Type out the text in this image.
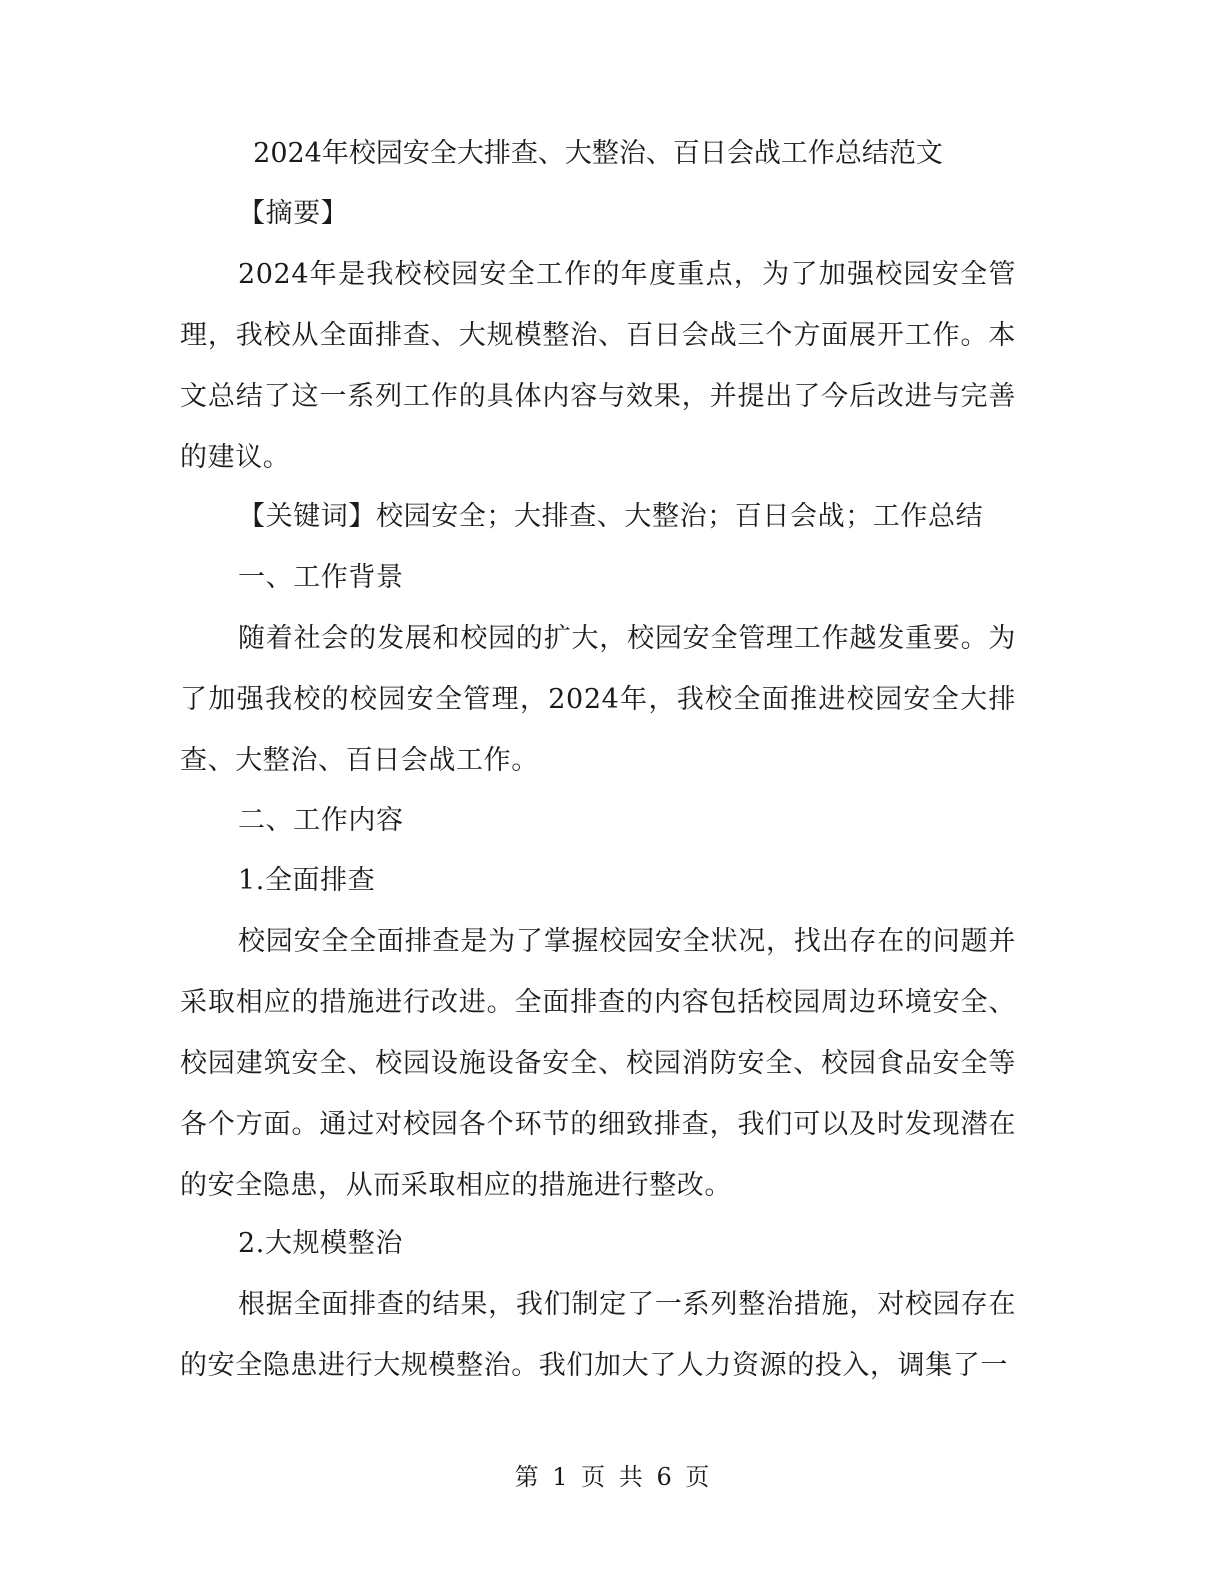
2024年校园安全大排查、大整治、百日会战工作总结范文

【摘要】

2024年是我校校园安全工作的年度重点，为了加强校园安全管理，我校从全面排查、大规模整治、百日会战三个方面展开工作。本文总结了这一系列工作的具体内容与效果，并提出了今后改进与完善的建议。

【关键词】校园安全；大排查、大整治；百日会战；工作总结

一、工作背景

随着社会的发展和校园的扩大，校园安全管理工作越发重要。为了加强我校的校园安全管理，2024年，我校全面推进校园安全大排查、大整治、百日会战工作。

二、工作内容

1.全面排查

校园安全全面排查是为了掌握校园安全状况，找出存在的问题并采取相应的措施进行改进。全面排查的内容包括校园周边环境安全、校园建筑安全、校园设施设备安全、校园消防安全、校园食品安全等各个方面。通过对校园各个环节的细致排查，我们可以及时发现潜在的安全隐患，从而采取相应的措施进行整改。

2.大规模整治

根据全面排查的结果，我们制定了一系列整治措施，对校园存在的安全隐患进行大规模整治。我们加大了人力资源的投入，调集了一

第 1 页 共 6 页
